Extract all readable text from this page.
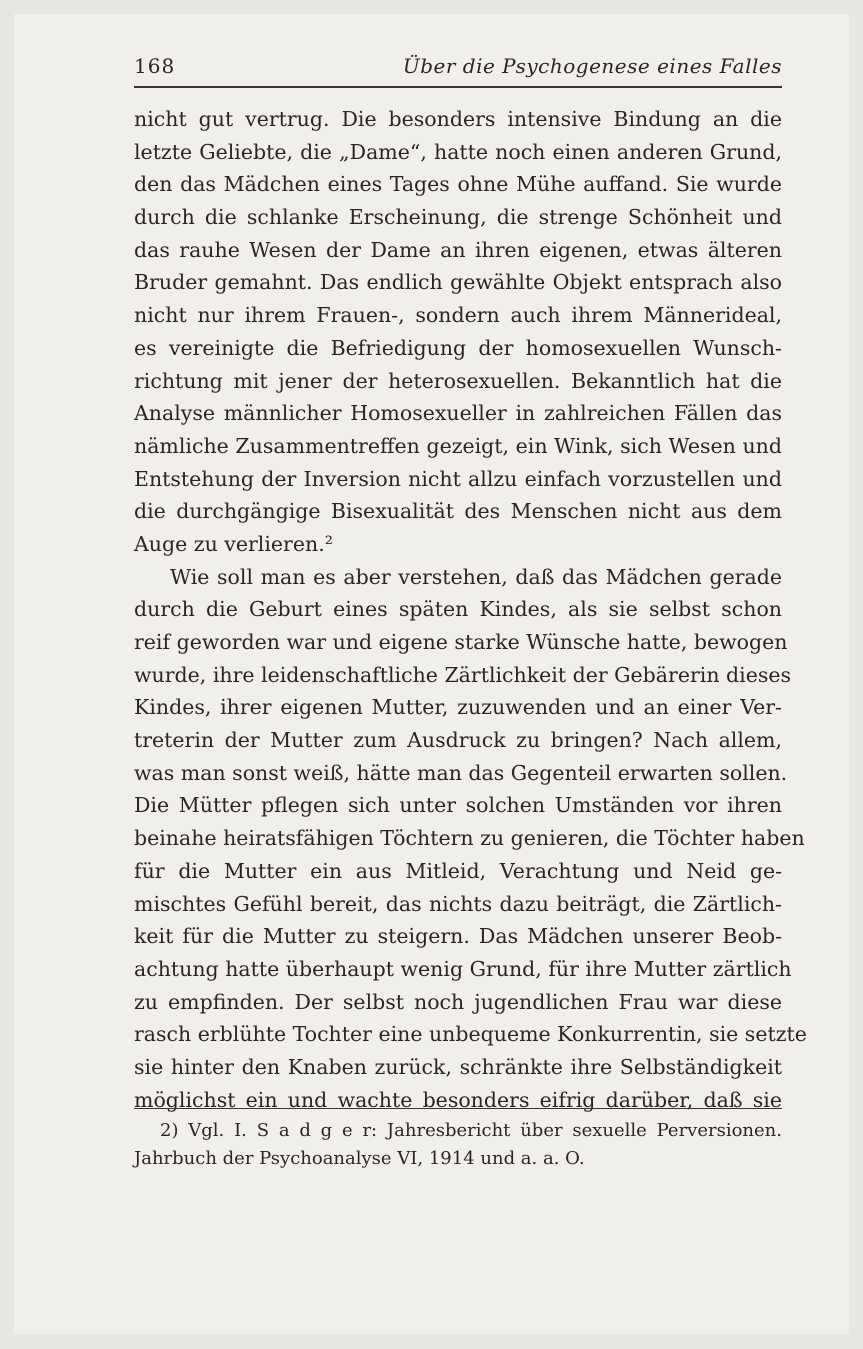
168	Über die Psychogenese eines Falles
nicht gut vertrug. Die besonders intensive Bindung an die
letzte Geliebte, die „Dame“, hatte noch einen anderen Grund,
den das Mädchen eines Tages ohne Mühe auffand. Sie wurde
durch die schlanke Erscheinung, die strenge Schönheit und
das rauhe Wesen der Dame an ihren eigenen, etwas älteren
Bruder gemahnt. Das endlich gewählte Objekt entsprach also
nicht nur ihrem Frauen-, sondern auch ihrem Männerideal,
es vereinigte die Befriedigung der homosexuellen Wunsch-
richtung mit jener der heterosexuellen. Bekanntlich hat die
Analyse männlicher Homosexueller in zahlreichen Fällen das
nämliche Zusammentreffen gezeigt, ein Wink, sich Wesen und
Entstehung der Inversion nicht allzu einfach vorzustellen und
die durchgängige Bisexualität des Menschen nicht aus dem
Auge zu verlieren.²
Wie soll man es aber verstehen, daß das Mädchen gerade
durch die Geburt eines späten Kindes, als sie selbst schon
reif geworden war und eigene starke Wünsche hatte, bewogen
wurde, ihre leidenschaftliche Zärtlichkeit der Gebärerin dieses
Kindes, ihrer eigenen Mutter, zuzuwenden und an einer Ver-
treterin der Mutter zum Ausdruck zu bringen? Nach allem,
was man sonst weiß, hätte man das Gegenteil erwarten sollen.
Die Mütter pflegen sich unter solchen Umständen vor ihren
beinahe heiratsfähigen Töchtern zu genieren, die Töchter haben
für die Mutter ein aus Mitleid, Verachtung und Neid ge-
mischtes Gefühl bereit, das nichts dazu beiträgt, die Zärtlich-
keit für die Mutter zu steigern. Das Mädchen unserer Beob-
achtung hatte überhaupt wenig Grund, für ihre Mutter zärtlich
zu empfinden. Der selbst noch jugendlichen Frau war diese
rasch erblühte Tochter eine unbequeme Konkurrentin, sie setzte
sie hinter den Knaben zurück, schränkte ihre Selbständigkeit
möglichst ein und wachte besonders eifrig darüber, daß sie
2) Vgl. I. S a d g e r: Jahresbericht über sexuelle Perversionen.
Jahrbuch der Psychoanalyse VI, 1914 und a. a. O.
